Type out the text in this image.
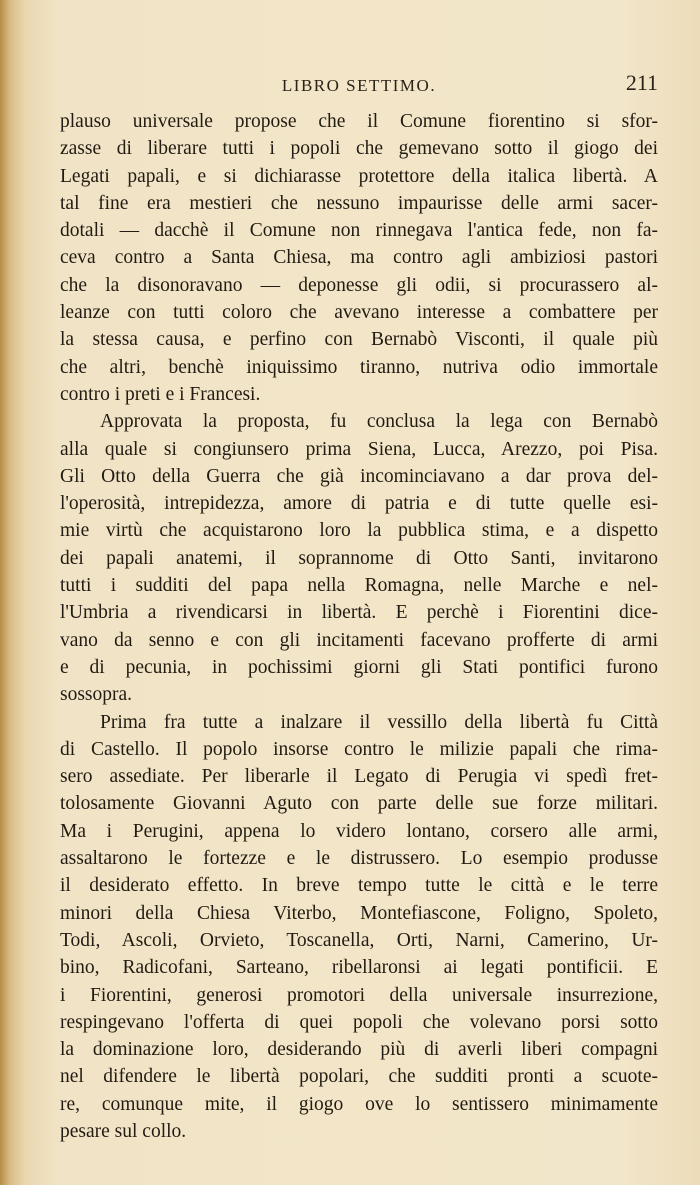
LIBRO SETTIMO.	211
plauso universale propose che il Comune fiorentino si sfor-
zasse di liberare tutti i popoli che gemevano sotto il giogo dei
Legati papali, e si dichiarasse protettore della italica libertà. A
tal fine era mestieri che nessuno impaurisse delle armi sacer-
dotali — dacchè il Comune non rinnegava l'antica fede, non fa-
ceva contro a Santa Chiesa, ma contro agli ambiziosi pastori
che la disonoravano — deponesse gli odii, si procurassero al-
leanze con tutti coloro che avevano interesse a combattere per
la stessa causa, e perfino con Bernabò Visconti, il quale più
che altri, benchè iniquissimo tiranno, nutriva odio immortale
contro i preti e i Francesi.
Approvata la proposta, fu conclusa la lega con Bernabò
alla quale si congiunsero prima Siena, Lucca, Arezzo, poi Pisa.
Gli Otto della Guerra che già incominciavano a dar prova del-
l'operosità, intrepidezza, amore di patria e di tutte quelle esi-
mie virtù che acquistarono loro la pubblica stima, e a dispetto
dei papali anatemi, il soprannome di Otto Santi, invitarono
tutti i sudditi del papa nella Romagna, nelle Marche e nel-
l'Umbria a rivendicarsi in libertà. E perchè i Fiorentini dice-
vano da senno e con gli incitamenti facevano profferte di armi
e di pecunia, in pochissimi giorni gli Stati pontifici furono
sossopra.
Prima fra tutte a inalzare il vessillo della libertà fu Città
di Castello. Il popolo insorse contro le milizie papali che rima-
sero assediate. Per liberarle il Legato di Perugia vi spedì fret-
tolosamente Giovanni Aguto con parte delle sue forze militari.
Ma i Perugini, appena lo videro lontano, corsero alle armi,
assaltarono le fortezze e le distrussero. Lo esempio produsse
il desiderato effetto. In breve tempo tutte le città e le terre
minori della Chiesa Viterbo, Montefiascone, Foligno, Spoleto,
Todi, Ascoli, Orvieto, Toscanella, Orti, Narni, Camerino, Ur-
bino, Radicofani, Sarteano, ribellaronsi ai legati pontificii. E
i Fiorentini, generosi promotori della universale insurrezione,
respingevano l'offerta di quei popoli che volevano porsi sotto
la dominazione loro, desiderando più di averli liberi compagni
nel difendere le libertà popolari, che sudditi pronti a scuote-
re, comunque mite, il giogo ove lo sentissero minimamente
pesare sul collo.
